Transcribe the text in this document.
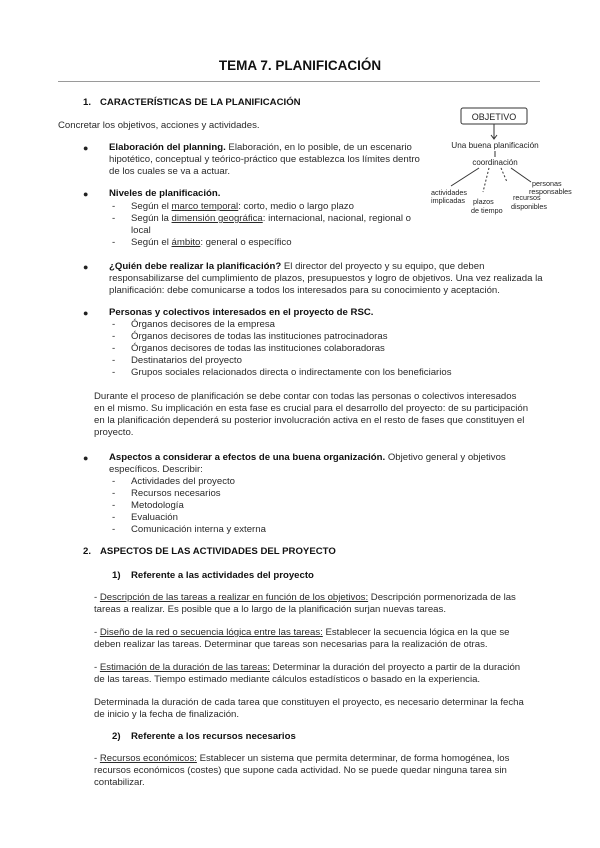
TEMA 7. PLANIFICACIÓN
1. CARACTERÍSTICAS DE LA PLANIFICACIÓN
Concretar los objetivos, acciones y actividades.
● Elaboración del planning. Elaboración, en lo posible, de un escenario
hipotético, conceptual y teórico-práctico que establezca los límites dentro
de los cuales se va a actuar.
● Niveles de planificación.
- Según el marco temporal: corto, medio o largo plazo
- Según la dimensión geográfica: internacional, nacional, regional o
local
- Según el ámbito: general o específico
OBJETIVO
Una buena planificación
coordinación
actividades
implicadas plazos
de tiempo
recursos
disponibles
personas
responsables
● ¿Quién debe realizar la planificación? El director del proyecto y su equipo, que deben
responsabilizarse del cumplimiento de plazos, presupuestos y logro de objetivos. Una vez realizada la
planificación: debe comunicarse a todos los interesados para su conocimiento y aceptación.
● Personas y colectivos interesados en el proyecto de RSC.
- Órganos decisores de la empresa
- Órganos decisores de todas las instituciones patrocinadoras
- Órganos decisores de todas las instituciones colaboradoras
- Destinatarios del proyecto
- Grupos sociales relacionados directa o indirectamente con los beneficiarios
Durante el proceso de planificación se debe contar con todas las personas o colectivos interesados
en el mismo. Su implicación en esta fase es crucial para el desarrollo del proyecto: de su participación
en la planificación dependerá su posterior involucración activa en el resto de fases que constituyen el
proyecto.
● Aspectos a considerar a efectos de una buena organización. Objetivo general y objetivos
específicos. Describir:
- Actividades del proyecto
- Recursos necesarios
- Metodología
- Evaluación
- Comunicación interna y externa
2. ASPECTOS DE LAS ACTIVIDADES DEL PROYECTO
1) Referente a las actividades del proyecto
- Descripción de las tareas a realizar en función de los objetivos: Descripción pormenorizada de las
tareas a realizar. Es posible que a lo largo de la planificación surjan nuevas tareas.
- Diseño de la red o secuencia lógica entre las tareas: Establecer la secuencia lógica en la que se
deben realizar las tareas. Determinar que tareas son necesarias para la realización de otras.
- Estimación de la duración de las tareas: Determinar la duración del proyecto a partir de la duración
de las tareas. Tiempo estimado mediante cálculos estadísticos o basado en la experiencia.
Determinada la duración de cada tarea que constituyen el proyecto, es necesario determinar la fecha
de inicio y la fecha de finalización.
2) Referente a los recursos necesarios
- Recursos económicos: Establecer un sistema que permita determinar, de forma homogénea, los
recursos económicos (costes) que supone cada actividad. No se puede quedar ninguna tarea sin
contabilizar.
